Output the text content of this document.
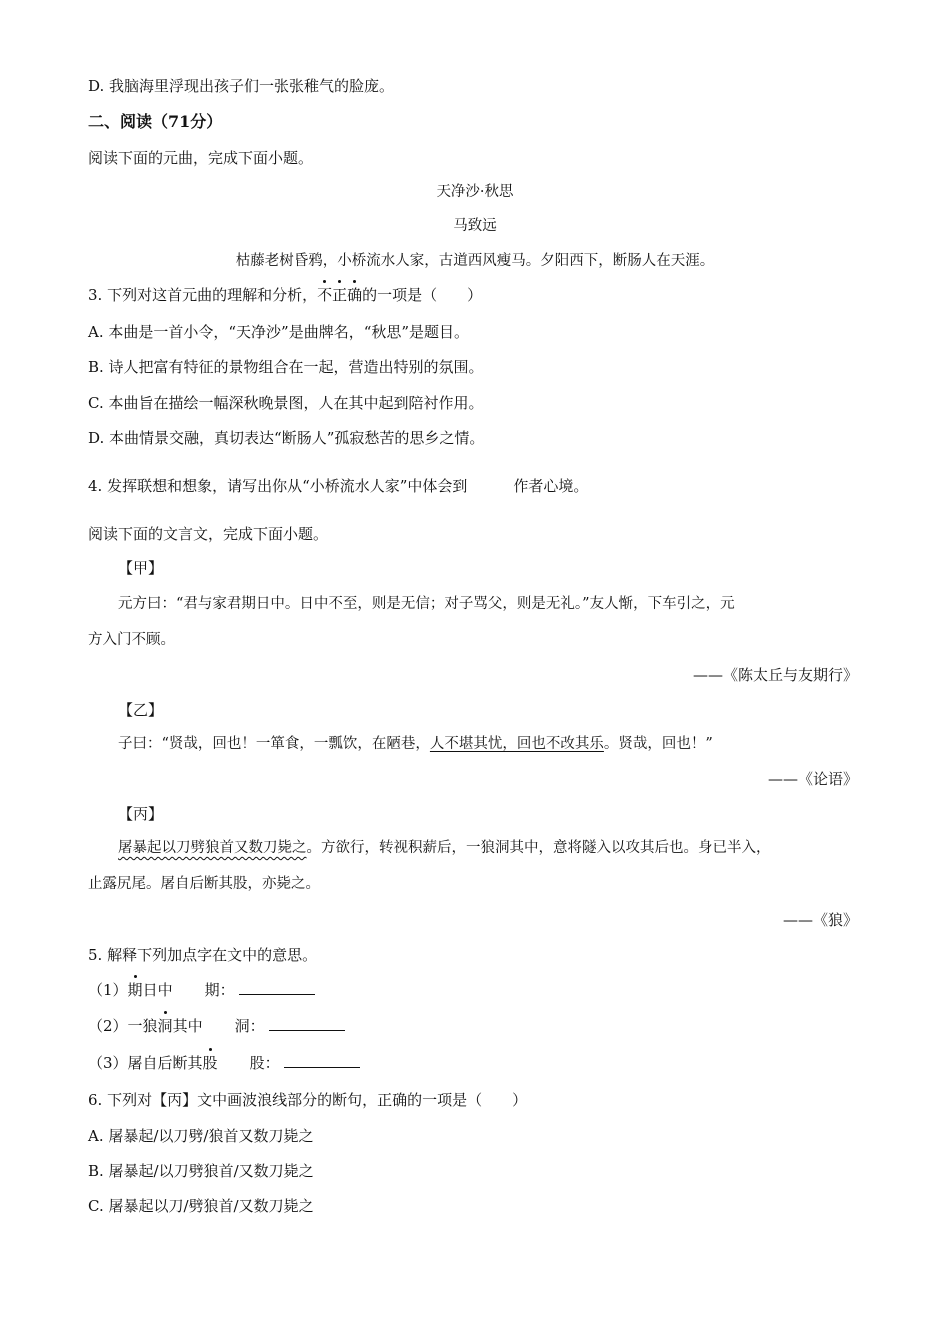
D. 我脑海里浮现出孩子们一张张稚气的脸庞。
二、阅读（71分）
阅读下面的元曲，完成下面小题。
天净沙·秋思
马致远
枯藤老树昏鸦，小桥流水人家，古道西风瘦马。夕阳西下，断肠人在天涯。
3. 下列对这首元曲的理解和分析，不正确的一项是（　　）
A. 本曲是一首小令，“天净沙”是曲牌名，“秋思”是题目。
B. 诗人把富有特征的景物组合在一起，营造出特别的氛围。
C. 本曲旨在描绘一幅深秋晚景图，人在其中起到陪衬作用。
D. 本曲情景交融，真切表达“断肠人”孤寂愁苦的思乡之情。
4. 发挥联想和想象，请写出你从“小桥流水人家”中体会到	作者心境。
阅读下面的文言文，完成下面小题。
【甲】
元方曰：“君与家君期日中。日中不至，则是无信；对子骂父，则是无礼。”友人惭，下车引之，元
方入门不顾。
——《陈太丘与友期行》
【乙】
子曰：“贤哉，回也！一箪食，一瓢饮，在陋巷，人不堪其忧，回也不改其乐。贤哉，回也！”
——《论语》
【丙】
屠暴起以刀劈狼首又数刀毙之。方欲行，转视积薪后，一狼洞其中，意将隧入以攻其后也。身已半入，
止露尻尾。屠自后断其股，亦毙之。
——《狼》
5. 解释下列加点字在文中的意思。
（1）期日中 期：
（2）一狼洞其中 洞：
（3）屠自后断其股 股：
6. 下列对【丙】文中画波浪线部分的断句，正确的一项是（　　）
A. 屠暴起/以刀劈/狼首又数刀毙之
B. 屠暴起/以刀劈狼首/又数刀毙之
C. 屠暴起以刀/劈狼首/又数刀毙之
